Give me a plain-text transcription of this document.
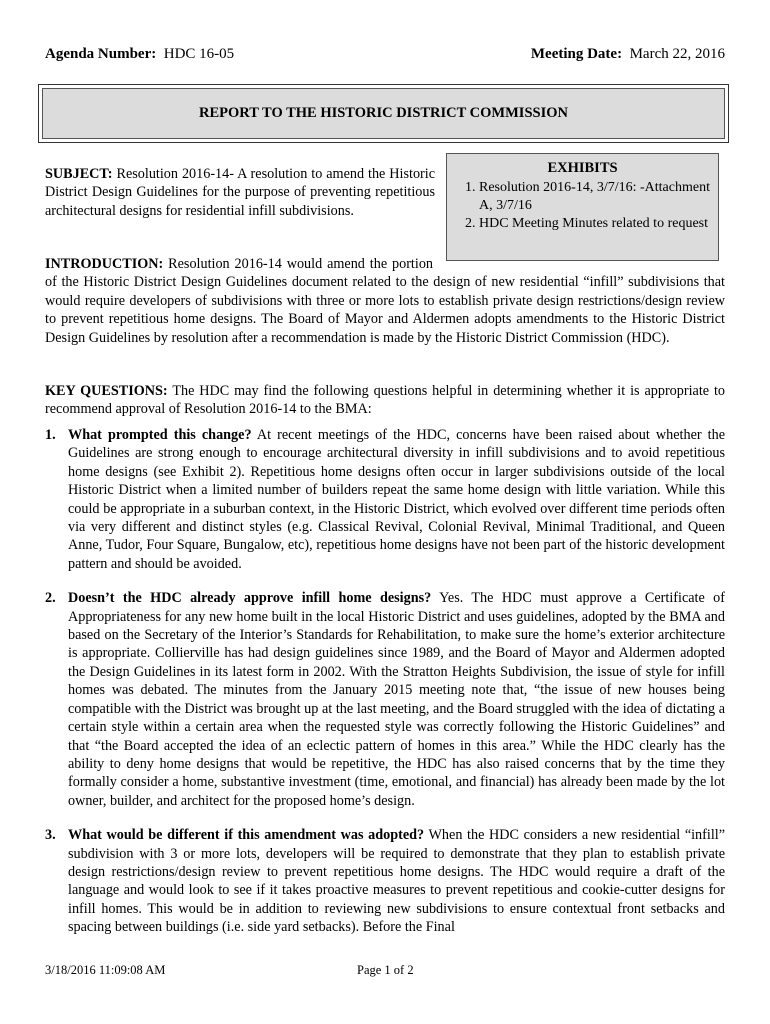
Agenda Number: HDC 16-05	Meeting Date: March 22, 2016
REPORT TO THE HISTORIC DISTRICT COMMISSION
EXHIBITS
1. Resolution 2016-14, 3/7/16: -Attachment A, 3/7/16
2. HDC Meeting Minutes related to request
SUBJECT: Resolution 2016-14- A resolution to amend the Historic District Design Guidelines for the purpose of preventing repetitious architectural designs for residential infill subdivisions.
INTRODUCTION: Resolution 2016-14 would amend the portion of the Historic District Design Guidelines document related to the design of new residential “infill” subdivisions that would require developers of subdivisions with three or more lots to establish private design restrictions/design review to prevent repetitious home designs. The Board of Mayor and Aldermen adopts amendments to the Historic District Design Guidelines by resolution after a recommendation is made by the Historic District Commission (HDC).
KEY QUESTIONS: The HDC may find the following questions helpful in determining whether it is appropriate to recommend approval of Resolution 2016-14 to the BMA:
1. What prompted this change? At recent meetings of the HDC, concerns have been raised about whether the Guidelines are strong enough to encourage architectural diversity in infill subdivisions and to avoid repetitious home designs (see Exhibit 2). Repetitious home designs often occur in larger subdivisions outside of the local Historic District when a limited number of builders repeat the same home design with little variation. While this could be appropriate in a suburban context, in the Historic District, which evolved over different time periods often via very different and distinct styles (e.g. Classical Revival, Colonial Revival, Minimal Traditional, and Queen Anne, Tudor, Four Square, Bungalow, etc), repetitious home designs have not been part of the historic development pattern and should be avoided.
2. Doesn’t the HDC already approve infill home designs? Yes. The HDC must approve a Certificate of Appropriateness for any new home built in the local Historic District and uses guidelines, adopted by the BMA and based on the Secretary of the Interior’s Standards for Rehabilitation, to make sure the home’s exterior architecture is appropriate. Collierville has had design guidelines since 1989, and the Board of Mayor and Aldermen adopted the Design Guidelines in its latest form in 2002. With the Stratton Heights Subdivision, the issue of style for infill homes was debated. The minutes from the January 2015 meeting note that, “the issue of new houses being compatible with the District was brought up at the last meeting, and the Board struggled with the idea of dictating a certain style within a certain area when the requested style was correctly following the Historic Guidelines” and that “the Board accepted the idea of an eclectic pattern of homes in this area.” While the HDC clearly has the ability to deny home designs that would be repetitive, the HDC has also raised concerns that by the time they formally consider a home, substantive investment (time, emotional, and financial) has already been made by the lot owner, builder, and architect for the proposed home’s design.
3. What would be different if this amendment was adopted? When the HDC considers a new residential “infill” subdivision with 3 or more lots, developers will be required to demonstrate that they plan to establish private design restrictions/design review to prevent repetitious home designs. The HDC would require a draft of the language and would look to see if it takes proactive measures to prevent repetitious and cookie-cutter designs for infill homes. This would be in addition to reviewing new subdivisions to ensure contextual front setbacks and spacing between buildings (i.e. side yard setbacks). Before the Final
3/18/2016 11:09:08 AM	Page 1 of 2
